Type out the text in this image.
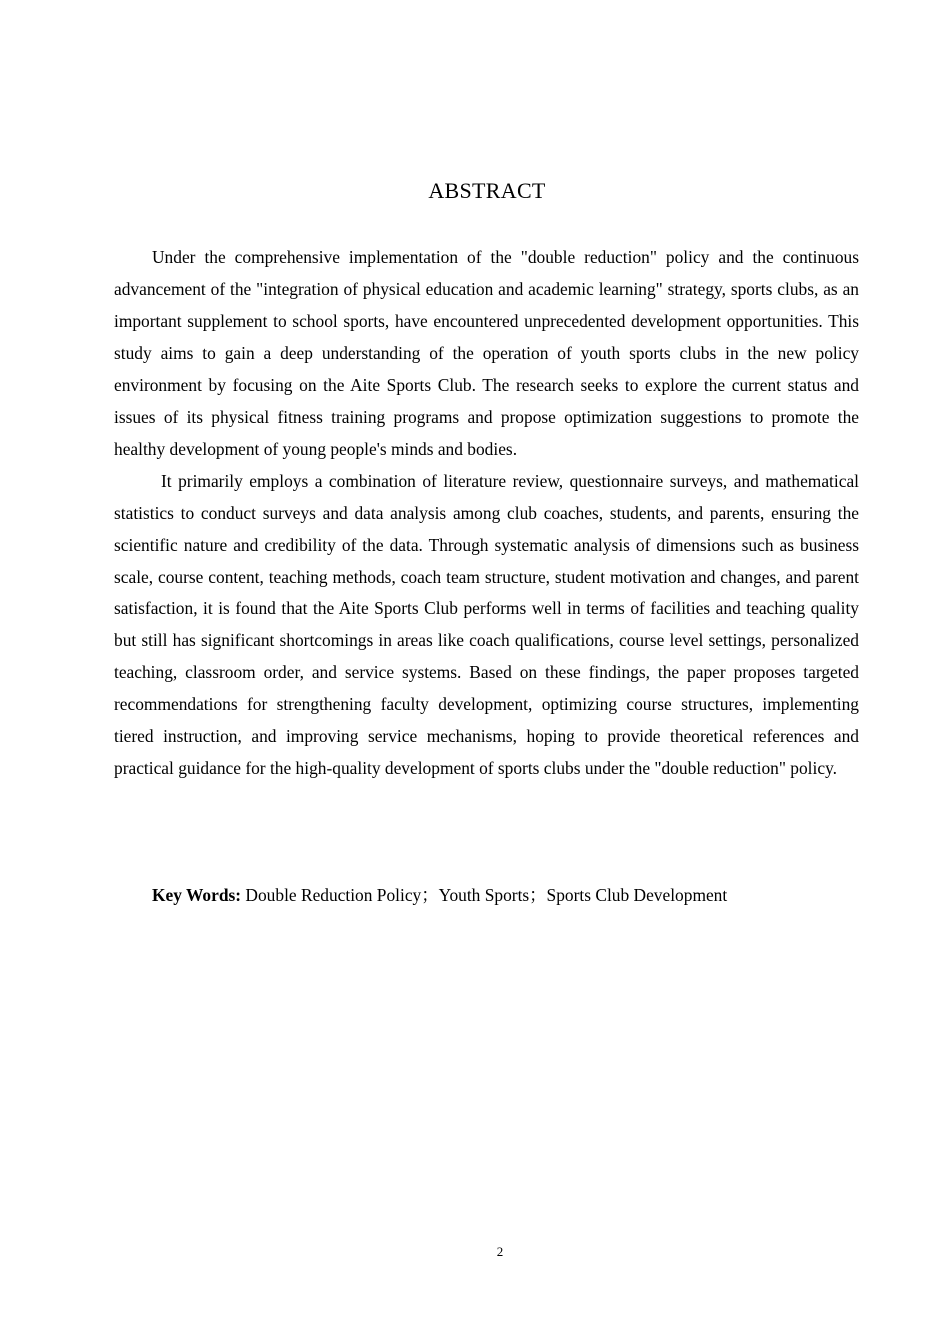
ABSTRACT

Under the comprehensive implementation of the "double reduction" policy and the continuous advancement of the "integration of physical education and academic learning" strategy, sports clubs, as an important supplement to school sports, have encountered unprecedented development opportunities. This study aims to gain a deep understanding of the operation of youth sports clubs in the new policy environment by focusing on the Aite Sports Club. The research seeks to explore the current status and issues of its physical fitness training programs and propose optimization suggestions to promote the healthy development of young people's minds and bodies.

It primarily employs a combination of literature review, questionnaire surveys, and mathematical statistics to conduct surveys and data analysis among club coaches, students, and parents, ensuring the scientific nature and credibility of the data. Through systematic analysis of dimensions such as business scale, course content, teaching methods, coach team structure, student motivation and changes, and parent satisfaction, it is found that the Aite Sports Club performs well in terms of facilities and teaching quality but still has significant shortcomings in areas like coach qualifications, course level settings, personalized teaching, classroom order, and service systems. Based on these findings, the paper proposes targeted recommendations for strengthening faculty development, optimizing course structures, implementing tiered instruction, and improving service mechanisms, hoping to provide theoretical references and practical guidance for the high-quality development of sports clubs under the "double reduction" policy.

Key Words: Double Reduction Policy；Youth Sports；Sports Club Development
2
